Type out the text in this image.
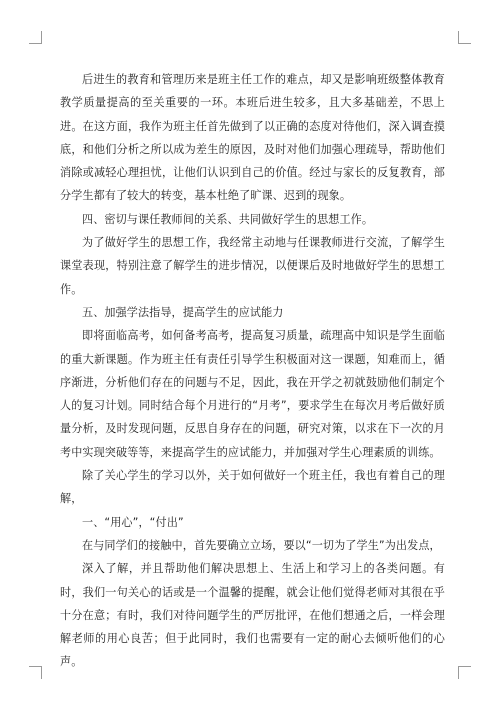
后进生的教育和管理历来是班主任工作的难点，却又是影响班级整体教育教学质量提高的至关重要的一环。本班后进生较多，且大多基础差，不思上进。在这方面，我作为班主任首先做到了以正确的态度对待他们，深入调查摸底，和他们分析之所以成为差生的原因，及时对他们加强心理疏导，帮助他们消除或减轻心理担忧，让他们认识到自己的价值。经过与家长的反复教育，部分学生都有了较大的转变，基本杜绝了旷课、迟到的现象。

四、密切与课任教师间的关系、共同做好学生的思想工作。

为了做好学生的思想工作，我经常主动地与任课教师进行交流，了解学生课堂表现，特别注意了解学生的进步情况，以便课后及时地做好学生的思想工作。

五、加强学法指导，提高学生的应试能力

即将面临高考，如何备考高考，提高复习质量，疏理高中知识是学生面临的重大新课题。作为班主任有责任引导学生积极面对这一课题，知难而上，循序渐进，分析他们存在的问题与不足，因此，我在开学之初就鼓励他们制定个人的复习计划。同时结合每个月进行的“月考”，要求学生在每次月考后做好质量分析，及时发现问题，反思自身存在的问题，研究对策，以求在下一次的月考中实现突破等等，来提高学生的应试能力，并加强对学生心理素质的训练。

除了关心学生的学习以外，关于如何做好一个班主任，我也有着自己的理解，

一、“用心”，“付出”

在与同学们的接触中，首先要确立立场，要以“一切为了学生”为出发点，

深入了解，并且帮助他们解决思想上、生活上和学习上的各类问题。有时，我们一句关心的话或是一个温馨的提醒，就会让他们觉得老师对其很在乎十分在意；有时，我们对待问题学生的严厉批评，在他们想通之后，一样会理解老师的用心良苦；但于此同时，我们也需要有一定的耐心去倾听他们的心声。
